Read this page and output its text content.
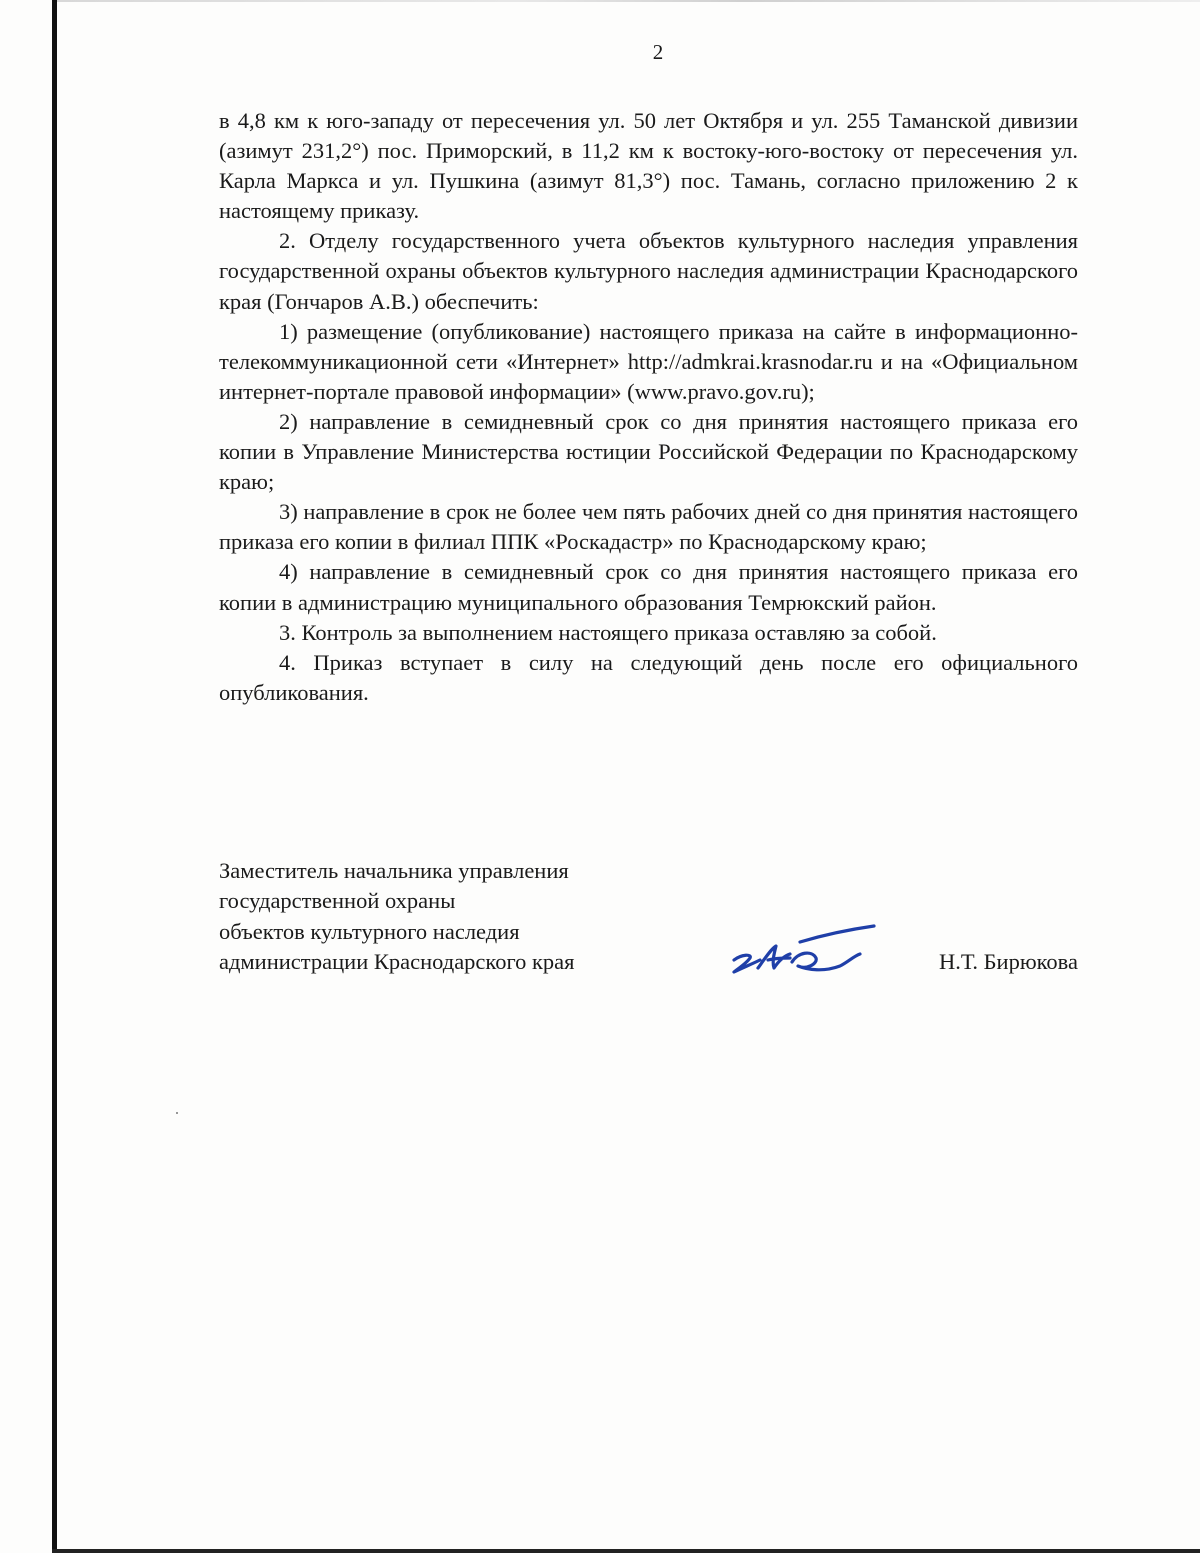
2

в 4,8 км к юго-западу от пересечения ул. 50 лет Октября и ул. 255 Таманской дивизии (азимут 231,2°) пос. Приморский, в 11,2 км к востоку-юго-востоку от пересечения ул. Карла Маркса и ул. Пушкина (азимут 81,3°) пос. Тамань, согласно приложению 2 к настоящему приказу.

2. Отделу государственного учета объектов культурного наследия управления государственной охраны объектов культурного наследия администрации Краснодарского края (Гончаров А.В.) обеспечить:

1) размещение (опубликование) настоящего приказа на сайте в информационно-телекоммуникационной сети «Интернет» http://admkrai.krasnodar.ru и на «Официальном интернет-портале правовой информации» (www.pravo.gov.ru);

2) направление в семидневный срок со дня принятия настоящего приказа его копии в Управление Министерства юстиции Российской Федерации по Краснодарскому краю;

3) направление в срок не более чем пять рабочих дней со дня принятия настоящего приказа его копии в филиал ППК «Роскадастр» по Краснодарскому краю;

4) направление в семидневный срок со дня принятия настоящего приказа его копии в администрацию муниципального образования Темрюкский район.

3. Контроль за выполнением настоящего приказа оставляю за собой.

4. Приказ вступает в силу на следующий день после его официального опубликования.

Заместитель начальника управления
государственной охраны
объектов культурного наследия
администрации Краснодарского края	Н.Т. Бирюкова
